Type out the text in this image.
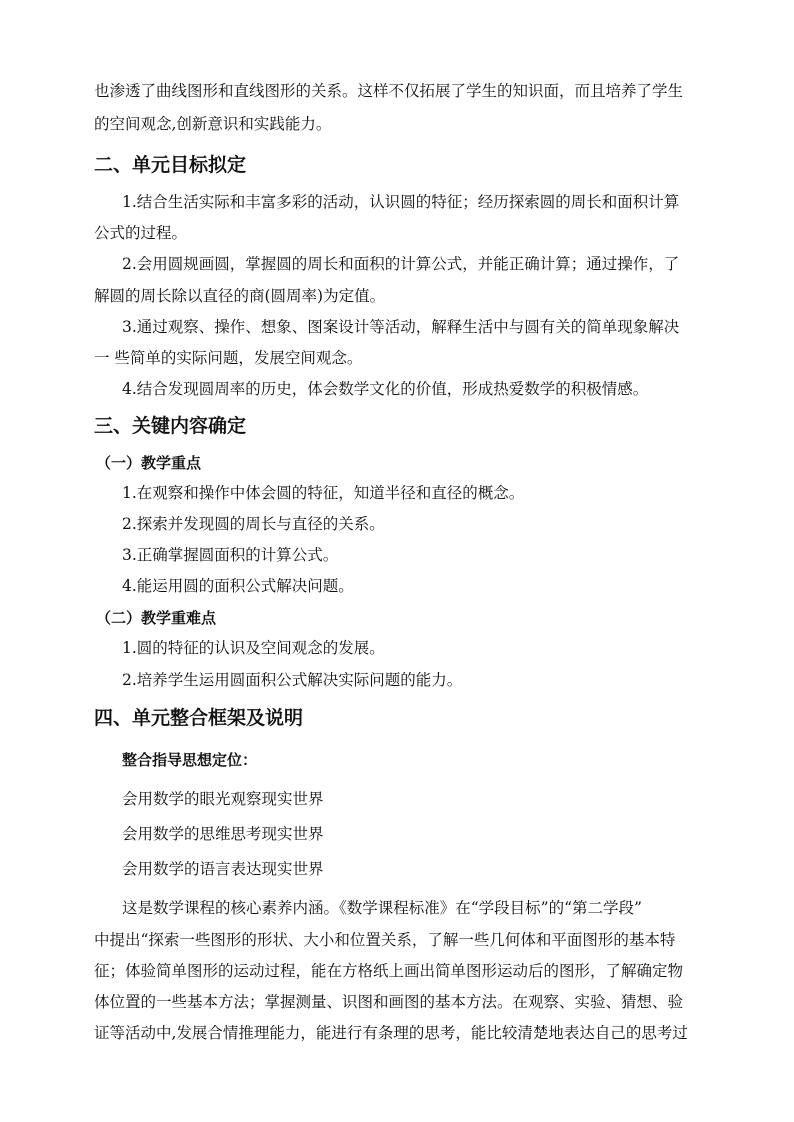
也渗透了曲线图形和直线图形的关系。这样不仅拓展了学生的知识面，而且培养了学生
的空间观念,创新意识和实践能力。
二、单元目标拟定
1.结合生活实际和丰富多彩的活动，认识圆的特征；经历探索圆的周长和面积计算
公式的过程。
2.会用圆规画圆，掌握圆的周长和面积的计算公式，并能正确计算；通过操作，了
解圆的周长除以直径的商(圆周率)为定值。
3.通过观察、操作、想象、图案设计等活动，解释生活中与圆有关的简单现象解决
一 些简单的实际问题，发展空间观念。
4.结合发现圆周率的历史，体会数学文化的价值，形成热爱数学的积极情感。
三、关键内容确定
（一）教学重点
1.在观察和操作中体会圆的特征，知道半径和直径的概念。
2.探索并发现圆的周长与直径的关系。
3.正确掌握圆面积的计算公式。
4.能运用圆的面积公式解决问题。
（二）教学重难点
1.圆的特征的认识及空间观念的发展。
2.培养学生运用圆面积公式解决实际问题的能力。
四、单元整合框架及说明
整合指导思想定位：
会用数学的眼光观察现实世界
会用数学的思维思考现实世界
会用数学的语言表达现实世界
这是数学课程的核心素养内涵。《数学课程标准》在“学段目标”的“第二学段”
中提出“探索一些图形的形状、大小和位置关系，了解一些几何体和平面图形的基本特
征；体验简单图形的运动过程，能在方格纸上画出简单图形运动后的图形，了解确定物
体位置的一些基本方法；掌握测量、识图和画图的基本方法。在观察、实验、猜想、验
证等活动中,发展合情推理能力，能进行有条理的思考，能比较清楚地表达自己的思考过
